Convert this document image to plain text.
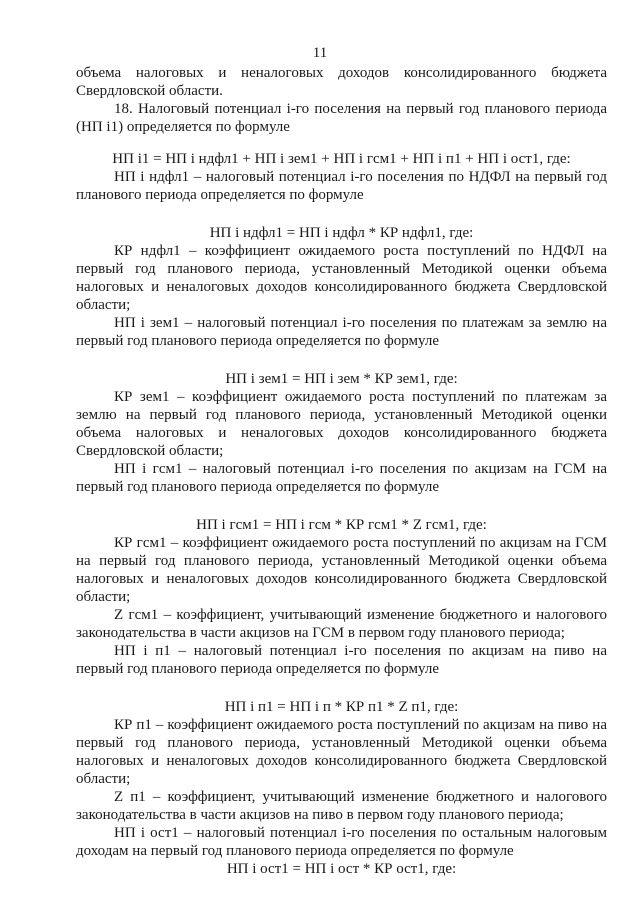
11
объема налоговых и неналоговых доходов консолидированного бюджета Свердловской области.
18. Налоговый потенциал i-го поселения на первый год планового периода (НП i1) определяется по формуле
НП i1 = НП i ндфл1 + НП i зем1 + НП i гсм1 + НП i п1 + НП i ост1, где:
НП i ндфл1 – налоговый потенциал i-го поселения по НДФЛ на первый год планового периода определяется по формуле
НП i ндфл1 = НП i ндфл * КР ндфл1, где:
КР ндфл1 – коэффициент ожидаемого роста поступлений по НДФЛ на первый год планового периода, установленный Методикой оценки объема налоговых и неналоговых доходов консолидированного бюджета Свердловской области;
НП i зем1 – налоговый потенциал i-го поселения по платежам за землю на первый год планового периода определяется по формуле
НП i зем1 = НП i зем * КР зем1, где:
КР зем1 – коэффициент ожидаемого роста поступлений по платежам за землю на первый год планового периода, установленный Методикой оценки объема налоговых и неналоговых доходов консолидированного бюджета Свердловской области;
НП i гсм1 – налоговый потенциал i-го поселения по акцизам на ГСМ на первый год планового периода определяется по формуле
НП i гсм1 = НП i гсм * КР гсм1 * Z гсм1, где:
КР гсм1 – коэффициент ожидаемого роста поступлений по акцизам на ГСМ на первый год планового периода, установленный Методикой оценки объема налоговых и неналоговых доходов консолидированного бюджета Свердловской области;
Z гсм1 – коэффициент, учитывающий изменение бюджетного и налогового законодательства в части акцизов на ГСМ в первом году планового периода;
НП i п1 – налоговый потенциал i-го поселения по акцизам на пиво на первый год планового периода определяется по формуле
НП i п1 = НП i п * КР п1 * Z п1, где:
КР п1 – коэффициент ожидаемого роста поступлений по акцизам на пиво на первый год планового периода, установленный Методикой оценки объема налоговых и неналоговых доходов консолидированного бюджета Свердловской области;
Z п1 – коэффициент, учитывающий изменение бюджетного и налогового законодательства в части акцизов на пиво в первом году планового периода;
НП i ост1 – налоговый потенциал i-го поселения по остальным налоговым доходам на первый год планового периода определяется по формуле
НП i ост1 = НП i ост * КР ост1, где:
